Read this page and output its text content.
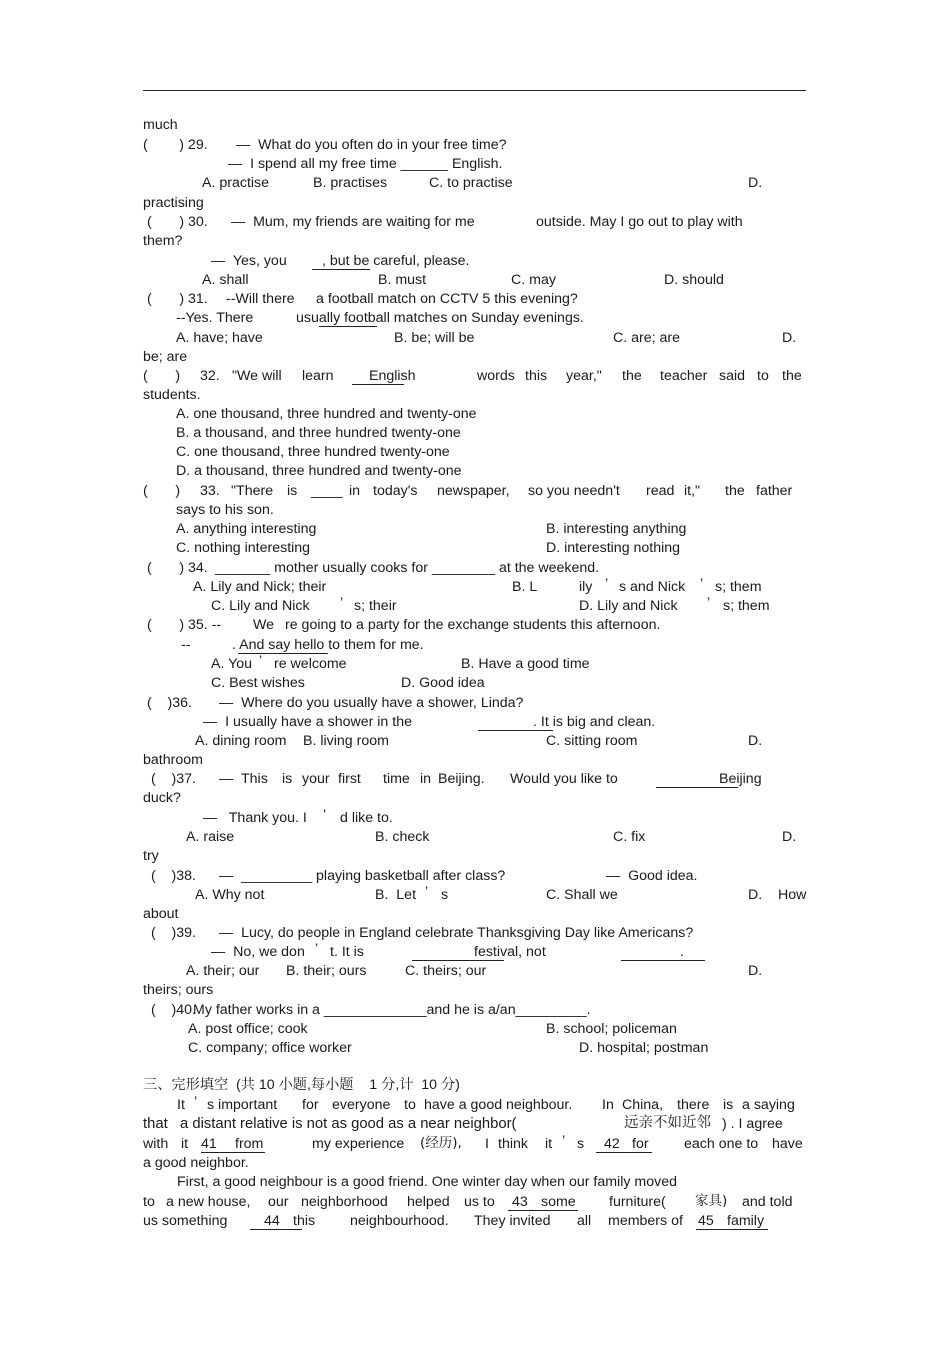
much
(        ) 29. —  What do you often do in your free time?
—  I spend all my free time ______ English.
A. practise	B. practises	C. to practise	D.
practising
(       ) 30. —  Mum, my friends are waiting for me	outside. May I go out to play with
them?
—  Yes, you , but be careful, please.
A. shall	B. must	C. may	D. should
(       ) 31. --Will there a football match on CCTV 5 this evening?
--Yes. There	usually football matches on Sunday evenings.
A. have; have	B. be; will be	C. are; are	D.
be; are
(       ) 32. "We will learn English	words this year," the teacher said to the
students.
A. one thousand, three hundred and twenty-one
B. a thousand, and three hundred twenty-one
C. one thousand, three hundred twenty-one
D. a thousand, three hundred and twenty-one
(       ) 33. "There is ____ in today's newspaper, so you needn't read it," the father
says to his son.
A. anything interesting	B. interesting anything
C. nothing interesting	D. interesting nothing
(       ) 34. _______ mother usually cooks for ________ at the weekend.
A. Lily and Nick; their	B. L	ily ’ s and Nick ’ s; them
C. Lily and Nick ’ s; their	D. Lily and Nick ’ s; them
(       ) 35. -- We re going to a party for the exchange students this afternoon.
--	. And say hello to them for me.
A. You ’ re welcome	B. Have a good time
C. Best wishes	D. Good idea
(    )36. —  Where do you usually have a shower, Linda?
—  I usually have a shower in the	. It is big and clean.
A. dining room B. living room	C. sitting room	D.
bathroom
(    )37. — This is your first time in Beijing. Would you like to	Beijing
duck?
—   Thank you. I ’ d like to.
A. raise	B. check	C. fix	D.
try
(    )38. —  _________ playing basketball after class?	—  Good idea.
A. Why not	B.  Let ’ s	C. Shall we	D.    How
about
(    )39. —  Lucy, do people in England celebrate Thanksgiving Day like Americans?
—  No, we don ’ t. It is	festival, not	.
A. their; our B. their; ours	C. theirs; our	D.
theirs; ours
(    )40.
My father works in a _____________and he is a/an_________.
A. post office; cook	B. school; policeman
C. company; office worker	D. hospital; postman
三、完形填空  (共 10 小题,每小题    1 分,计  10 分)
It ’ s important for everyone to have a good neighbour. In China, there is a saying
that   a distant relative is not as good as a near neighbor(	远亲不如近邻 ) . I agree
with it 41 from	my experience (经历), I think it ’ s 42 for each one to have
a good neighbor.
First, a good neighbour is a good friend. One winter day when our family moved
to a new house, our neighborhood helped us to 43 some furniture( 家具) and told
us something	44 this neighbourhood. They invited all members of 45 family
